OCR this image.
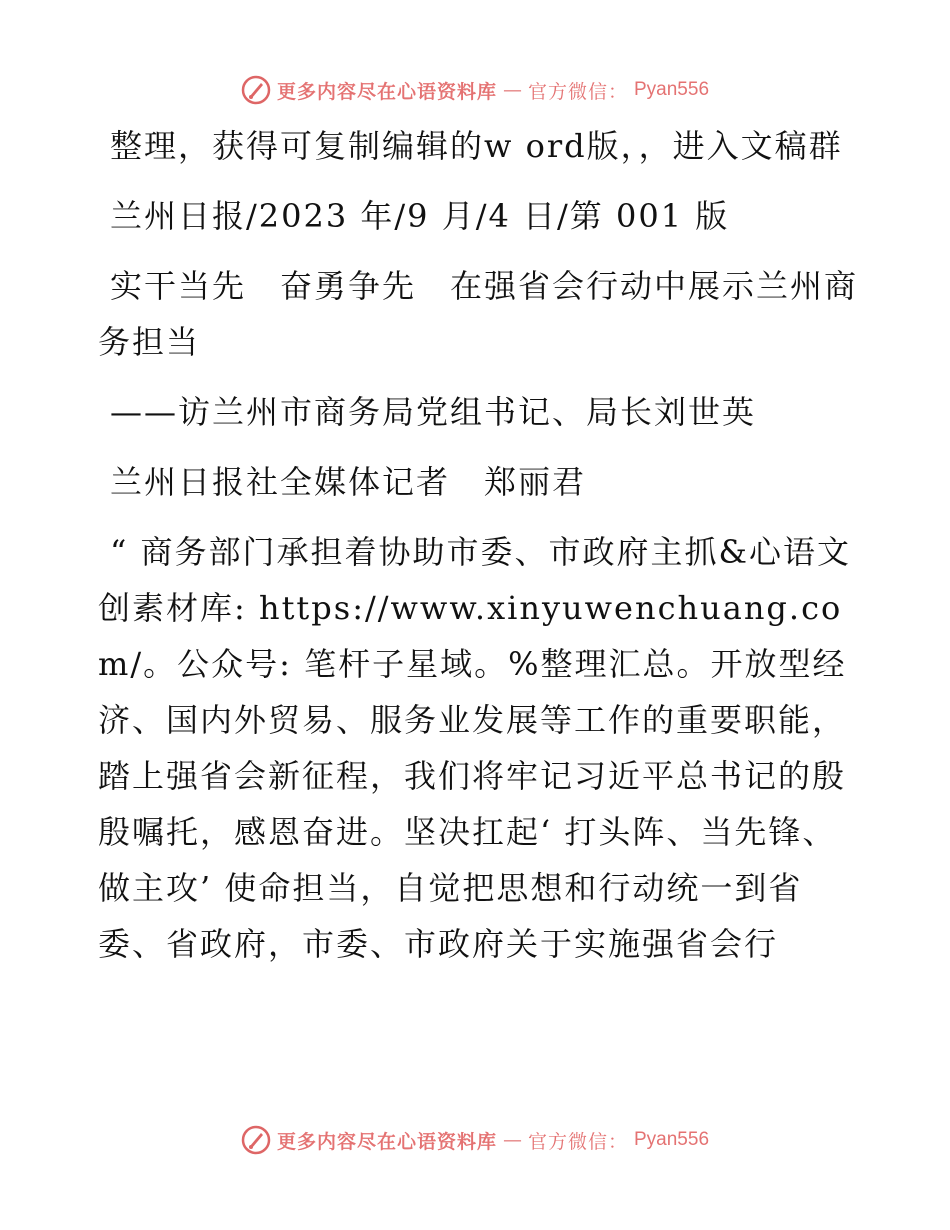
更多内容尽在心语资料库 — 官方微信： Pyan556

整理，获得可复制编辑的w ord版，，进入文稿群

兰州日报/2023 年/9 月/4 日/第 001 版

实干当先　奋勇争先　在强省会行动中展示兰州商务担当

——访兰州市商务局党组书记、局长刘世英

兰州日报社全媒体记者　郑丽君

“ 商务部门承担着协助市委、市政府主抓&心语文创素材库: https://www.xinyuwenchuang.com/。公众号: 笔杆子星域。%整理汇总。开放型经济、国内外贸易、服务业发展等工作的重要职能，踏上强省会新征程，我们将牢记习近平总书记的殷殷嘱托，感恩奋进。坚决扛起‘ 打头阵、当先锋、做主攻’ 使命担当，自觉把思想和行动统一到省委、省政府，市委、市政府关于实施强省会行

更多内容尽在心语资料库 — 官方微信： Pyan556
